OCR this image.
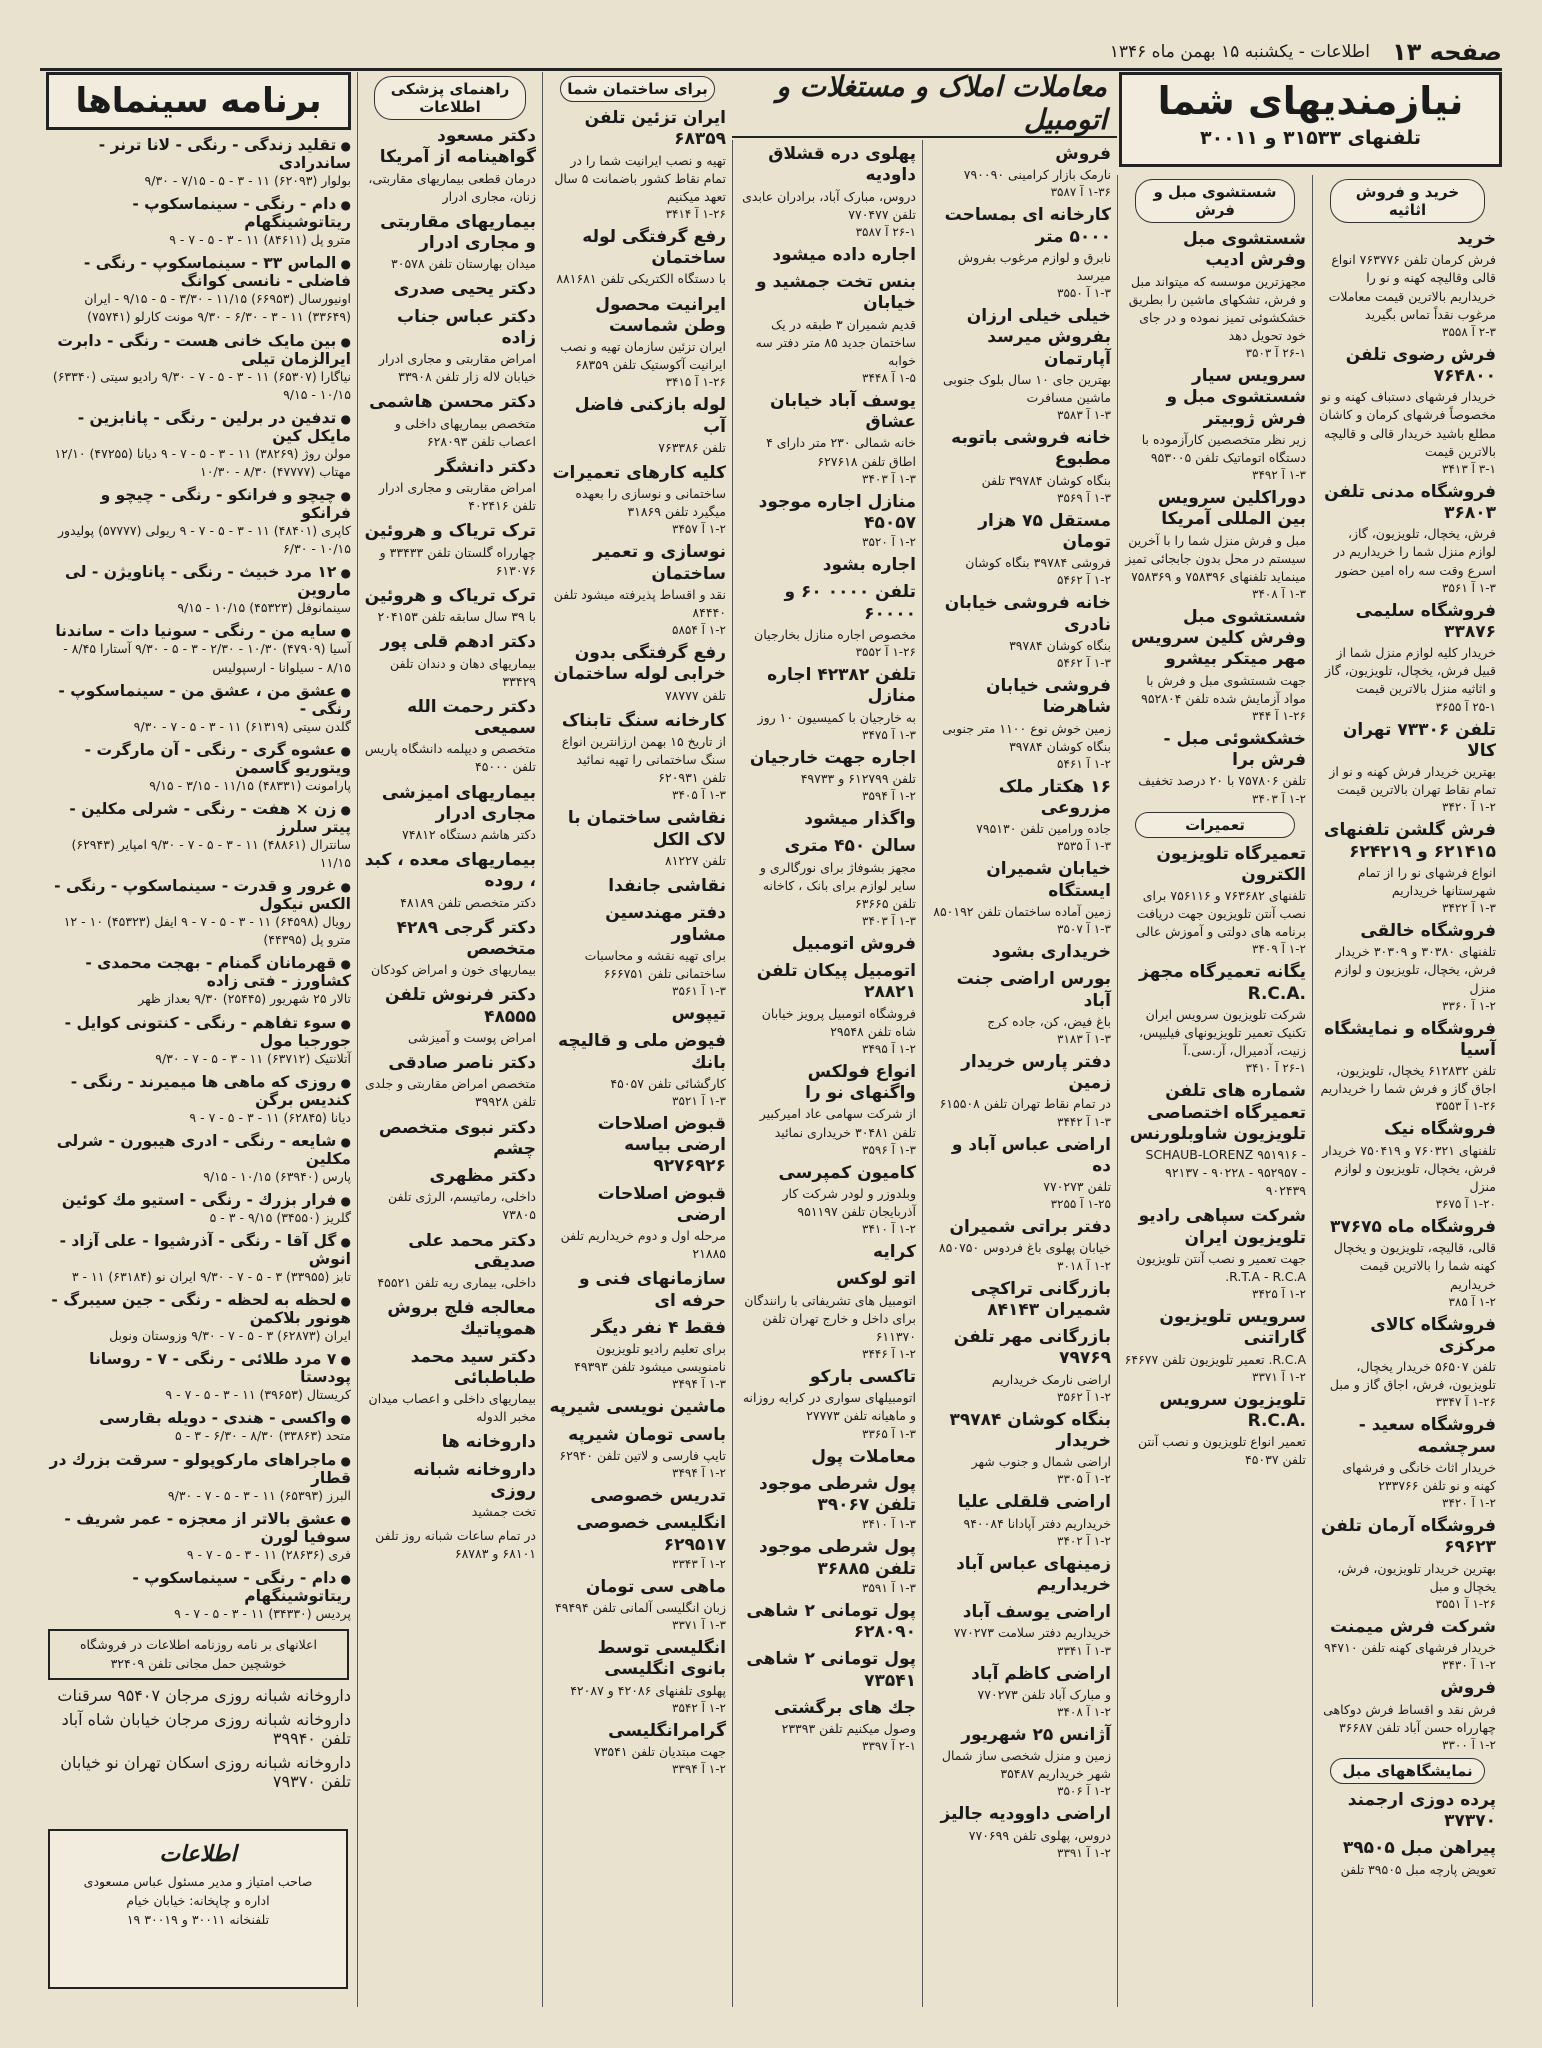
صفحه ۱۳
اطلاعات - یکشنبه ۱۵ بهمن ماه ۱۳۴۶
نیازمندیهای شما
تلفنهای ۳۱۵۳۳ و ۳۰۰۱۱
خرید و فروش اثاثیه
خرید

فرش کرمان تلفن ۷۶۳۷۷۶ انواع قالی وقالیچه کهنه و نو را خریداریم بالاترین قیمت معاملات مرغوب نقداً تماس بگیرید

۲-۳ آ ۳۵۵۸
فرش رضوی تلفن ۷۶۴۸۰۰

خریدار فرشهای دستباف کهنه و نو مخصوصاً فرشهای کرمان و کاشان مطلع باشید خریدار قالی و قالیچه بالاترین قیمت

۳-۱ آ ۳۴۱۳
فروشگاه مدنی تلفن ۳۶۸۰۳

فرش، یخچال، تلویزیون، گاز، لوازم منزل شما را خریداریم در اسرع وقت سه راه امین حضور

۱-۳ آ ۳۵۶۱
فروشگاه سلیمی ۳۳۸۷۶

خریدار کلیه لوازم منزل شما از قبیل فرش، یخچال، تلویزیون، گاز و اثاثیه منزل بالاترین قیمت

۲۵-۱ آ ۳۶۵۵
تلفن ۷۳۳۰۶ تهران کالا

بهترین خریدار فرش کهنه و نو از تمام نقاط تهران بالاترین قیمت

۱-۲ آ ۳۴۲۰
فرش گلشن تلفنهای ۶۲۱۴۱۵ و ۶۲۴۲۱۹

انواع فرشهای نو را از تمام شهرستانها خریداریم

۱-۳ آ ۳۴۲۲
فروشگاه خالقی

تلفنهای ۳۰۳۸۰ و ۳۰۳۰۹ خریدار فرش، یخچال، تلویزیون و لوازم منزل

۱-۲ آ ۳۳۶۰
فروشگاه و نمایشگاه آسیا

تلفن ۶۱۲۸۳۲ یخچال، تلویزیون، اجاق گاز و فرش شما را خریداریم

۱-۲۶ آ ۳۵۵۳
فروشگاه نیک

تلفنهای ۷۶۰۳۲۱ و ۷۵۰۴۱۹ خریدار فرش، یخچال، تلویزیون و لوازم منزل

۱-۲۰ آ ۳۶۷۵
فروشگاه ماه ۳۷۶۷۵

قالی، قالیچه، تلویزیون و یخچال کهنه شما را بالاترین قیمت خریداریم

۱-۲ آ ۳۸۵
فروشگاه کالای مرکزی

تلفن ۵۶۵۰۷ خریدار یخچال، تلویزیون، فرش، اجاق گاز و مبل

۱-۲۶ آ ۳۳۴۷
فروشگاه سعید - سرچشمه

خریدار اثاث خانگی و فرشهای کهنه و نو تلفن ۲۳۳۷۶۶

۱-۲ آ ۳۴۲۰
فروشگاه آرمان تلفن ۶۹۶۲۳

بهترین خریدار تلویزیون، فرش، یخچال و مبل

۱-۲۶ آ ۳۵۵۱
شرکت فرش میمنت

خریدار فرشهای کهنه تلفن ۹۴۷۱۰

۱-۲ آ ۳۴۳۰
فروش

فرش نقد و اقساط فرش دوکاهی چهارراه حسن آباد تلفن ۳۶۶۸۷

۱-۲ آ ۳۳۰۰
نمایشگاههای مبل
پرده دوزی ارجمند ۳۷۳۷۰
پیراهن مبل ۳۹۵۰۵

تعویض پارچه مبل ۳۹۵۰۵ تلفن

شستشوی مبل و فرش
شستشوی مبل وفرش ادیب

مجهزترین موسسه که میتواند مبل و فرش، تشکهای ماشین را بطریق خشکشوئی تمیز نموده و در جای خود تحویل دهد

۲۶-۱ آ ۳۵۰۳
سرویس سیار شستشوی مبل و فرش ژوبیتر

زیر نظر متخصصین کارآزموده با دستگاه اتوماتیک تلفن ۹۵۳۰۰۵

۱-۳ آ ۳۴۹۲
دوراکلین سرویس بین المللی آمریکا

مبل و فرش منزل شما را با آخرین سیستم در محل بدون جابجائی تمیز مینماید تلفنهای ۷۵۸۳۹۶ و ۷۵۸۳۶۹

۱-۳ آ ۳۴۰۸
شستشوی مبل وفرش کلین سرویس مهر میتکر بیشرو

جهت شستشوی مبل و فرش با مواد آزمایش شده تلفن ۹۵۲۸۰۴

۱-۲۶ آ ۳۴۴
خشکشوئی مبل - فرش برا

تلفن ۷۵۷۸۰۶ با ۲۰ درصد تخفیف

۱-۲ آ ۳۴۰۳
تعمیرات
تعمیرگاه تلویزیون الکترون

تلفنهای ۷۶۳۶۸۲ و ۷۵۶۱۱۶ برای نصب آنتن تلویزیون جهت دریافت برنامه های دولتی و آموزش عالی

۱-۲ آ ۳۴۰۹
یگانه تعمیرگاه مجهز .R.C.A

شرکت تلویزیون سرویس ایران تکنیک تعمیر تلویزیونهای فیلیپس، زنیت، آدمیرال، آر.سی.آ

۲۶-۱ آ ۳۴۱۰
شماره های تلفن تعمیرگاه اختصاصی تلویزیون شاوبلورنس

SCHAUB-LORENZ ۹۵۱۹۱۶ - ۹۲۱۳۷ - ۹۰۲۲۸ - ۹۵۲۹۵۷ - ۹۰۲۴۳۹

شرکت سپاهی رادیو تلویزیون ایران

جهت تعمیر و نصب آنتن تلویزیون R.T.A - R.C.A.

۱-۲ آ ۳۴۲۵
سرویس تلویزیون گاراتنی

R.C.A. تعمیر تلویزیون تلفن ۶۴۶۷۷

۱-۲ آ ۳۳۷۱
تلویزیون سرویس .R.C.A

تعمیر انواع تلویزیون و نصب آنتن تلفن ۴۵۰۳۷

معاملات املاک و مستغلات و اتومبیل
فروش

نارمک بازار کرامینی ۷۹۰۰۹۰

۱-۳۶ آ ۳۵۸۷
کارخانه ای بمساحت ۵۰۰۰ متر

نابرق و لوازم مرغوب بفروش میرسد

۱-۳ آ ۳۵۵۰
خیلی خیلی ارزان بفروش میرسد آپارتمان

بهترین جای ۱۰ سال بلوک جنوبی ماشین مسافرت

۱-۳ آ ۳۵۸۳
خانه فروشی باتوبه مطبوع

بنگاه کوشان ۳۹۷۸۴ تلفن

۱-۳ آ ۳۵۶۹
مستقل ۷۵ هزار تومان

فروشی ۳۹۷۸۴ بنگاه کوشان

۱-۲ آ ۵۴۶۲
خانه فروشی خیابان نادری

بنگاه کوشان ۳۹۷۸۴

۱-۳ آ ۵۴۶۲
فروشی خیابان شاهرضا

زمین خوش نوع ۱۱۰۰ متر جنوبی بنگاه کوشان ۳۹۷۸۴

۱-۲ آ ۵۴۶۱
۱۶ هکتار ملک مزروعی

جاده ورامین تلفن ۷۹۵۱۳۰

۱-۳ آ ۳۵۳۵
خیابان شمیران ایستگاه

زمین آماده ساختمان تلفن ۸۵۰۱۹۲

۱-۳ آ ۳۵۰۷
خریداری بشود
بورس اراضی جنت آباد

باغ فیض، کن، جاده کرج

۱-۳ آ ۳۱۸۳
دفتر پارس خریدار زمین

در تمام نقاط تهران تلفن ۶۱۵۵۰۸

۱-۳ آ ۳۴۴۲
اراضی عباس آباد و ده

تلفن ۷۷۰۲۷۳

۱-۲۵ آ ۳۲۵۵
دفتر براتی شمیران

خیابان پهلوی باغ فردوس ۸۵۰۷۵۰

۱-۲ آ ۳۰۱۸
بازرگانی تراکچی شمیران ۸۴۱۴۳
بازرگانی مهر تلفن ۷۹۷۶۹

اراضی نارمک خریداریم

۱-۲ آ ۳۵۶۲
بنگاه کوشان ۳۹۷۸۴ خریدار

اراضی شمال و جنوب شهر

۱-۲ آ ۳۳۰۵
اراضی قلقلی علیا

خریداریم دفتر آپادانا ۹۴۰۰۸۴

۱-۲ آ ۳۴۰۲
زمینهای عباس آباد خریداریم
اراضی یوسف آباد

خریداریم دفتر سلامت ۷۷۰۲۷۳

۱-۳ آ ۳۳۴۱
اراضی کاظم آباد

و مبارک آباد تلفن ۷۷۰۲۷۳

۱-۲ آ ۳۴۰۸
آژانس ۲۵ شهریور

زمین و منزل شخصی ساز شمال شهر خریداریم ۳۵۴۸۷

۱-۲ آ ۳۵۰۶
اراضی داوودیه جالیز

دروس، پهلوی تلفن ۷۷۰۶۹۹

۱-۲ آ ۳۳۹۱
پهلوی دره قشلاق داودیه

دروس، مبارک آباد، برادران عابدی تلفن ۷۷۰۴۷۷

۲۶-۱ آ ۳۵۸۷
اجاره داده میشود
بنس تخت جمشید و خیابان

قدیم شمیران ۳ طبقه در یک ساختمان جدید ۸۵ متر دفتر سه خوابه

۱-۵ آ ۳۴۴۸
یوسف آباد خیابان عشاق

خانه شمالی ۲۳۰ متر دارای ۴ اطاق تلفن ۶۲۷۶۱۸

۱-۳ آ ۳۴۰۳
منازل اجاره موجود ۴۵۰۵۷
۱-۲ آ ۳۵۲۰
اجاره بشود
تلفن ۰۰۰۰ ۶۰ و ۶۰۰۰۰

مخصوص اجاره منازل بخارجیان

۱-۲۶ آ ۳۵۵۲
تلفن ۴۲۳۸۲ اجاره منازل

به خارجیان با کمیسیون ۱۰ روز

۱-۳ آ ۳۴۷۵
اجاره جهت خارجیان

تلفن ۶۱۲۷۹۹ و ۴۹۷۳۳

۱-۲ آ ۳۵۹۴
واگذار میشود
سالن ۴۵۰ متری

مجهز بشوفاژ برای نورگالری و سایر لوازم برای بانک ، کاخانه تلفن ۶۳۶۶۵

۱-۳ آ ۳۴۰۳
فروش اتومبیل
اتومبیل پیکان تلفن ۲۸۸۲۱

فروشگاه اتومبیل پرویز خیابان شاه تلفن ۲۹۵۴۸

۱-۲ آ ۳۴۹۵
انواع فولکس واگنهای نو را

از شرکت سهامی عاد امیرکبیر تلفن ۳۰۴۸۱ خریداری نمائید

۱-۳ آ ۳۵۹۶
کامیون کمپرسی

وبلدوزر و لودر شرکت کار آذربایجان تلفن ۹۵۱۱۹۷

۱-۲ آ ۳۴۱۰
کرایه
اتو لوکس

اتومبیل های تشریفاتی با رانندگان برای داخل و خارج تهران تلفن ۶۱۱۳۷۰

۱-۲ آ ۳۴۴۶
تاکسی بارکو

اتومبیلهای سواری در کرایه روزانه و ماهیانه تلفن ۲۷۷۷۳

۱-۳ آ ۳۳۶۵
معاملات پول
پول شرطی موجود تلفن ۳۹۰۶۷
۱-۳ آ ۳۴۱۰
پول شرطی موجود تلفن ۳۶۸۸۵
۱-۳ آ ۳۵۹۱
پول تومانی ۲ شاهی ۶۲۸۰۹۰
پول تومانی ۲ شاهی ۷۳۵۴۱
جك های برگشتی

وصول میکنیم تلفن ۲۳۳۹۳

۲-۱ آ ۳۳۹۷
برای ساختمان شما
ایران تزئین تلفن ۶۸۳۵۹

تهیه و نصب ایرانیت شما را در تمام نقاط کشور باضمانت ۵ سال تعهد میکنیم

۱-۲۶ آ ۳۴۱۴
رفع گرفتگی لوله ساختمان

با دستگاه الکتریکی تلفن ۸۸۱۶۸۱

ایرانیت محصول وطن شماست

ایران تزئین سازمان تهیه و نصب ایرانیت آکوستیک تلفن ۶۸۳۵۹

۱-۲۶ آ ۳۴۱۵
لوله بازکنی فاضل آب

تلفن ۷۶۳۳۸۶

کلیه کارهای تعمیرات

ساختمانی و نوسازی را بعهده میگیرد تلفن ۳۱۸۶۹

۱-۲ آ ۳۴۵۷
نوسازی و تعمیر ساختمان

نقد و اقساط پذیرفته میشود تلفن ۸۴۴۴۰

۱-۲ آ ۵۸۵۴
رفع گرفتگی بدون خرابی لوله ساختمان

تلفن ۷۸۷۷۷

کارخانه سنگ تابناک

از تاریخ ۱۵ بهمن ارزانترین انواع سنگ ساختمانی را تهیه نمائید تلفن ۶۲۰۹۳۱

۱-۳ آ ۳۴۰۵
نقاشی ساختمان با لاک الکل

تلفن ۸۱۲۲۷

نقاشی جانفدا
دفتر مهندسین مشاور

برای تهیه نقشه و محاسبات ساختمانی تلفن ۶۶۶۷۵۱

۱-۳ آ ۳۵۶۱
تیپوس
فیوض ملی و قالیچه بانك

کارگشائی تلفن ۴۵۰۵۷

۱-۳ آ ۳۵۲۱
قبوض اصلاحات ارضی بیاسه ۹۲۷۶۹۲۶
قبوض اصلاحات ارضی

مرحله اول و دوم خریداریم تلفن ۲۱۸۸۵

سازمانهای فنی و حرفه ای
فقط ۴ نفر دیگر

برای تعلیم رادیو تلویزیون نامنویسی میشود تلفن ۴۹۳۹۳

۱-۳ آ ۳۴۹۴
ماشین نویسی شیرپه
باسی تومان شیرپه

تایپ فارسی و لاتین تلفن ۶۲۹۴۰

۱-۲ آ ۳۴۹۴
تدریس خصوصی
انگلیسی خصوصی ۶۲۹۵۱۷
۱-۲ آ ۳۳۴۳
ماهی سی تومان

زبان انگلیسی آلمانی تلفن ۴۹۴۹۴

۱-۳ آ ۳۳۷۱
انگلیسی توسط بانوی انگلیسی

پهلوی تلفنهای ۴۲۰۸۶ و ۴۲۰۸۷

۱-۲ آ ۳۵۴۲
گرامرانگلیسی

جهت مبتدیان تلفن ۷۳۵۴۱

۱-۲ آ ۳۳۹۴
راهنمای پزشکی اطلاعات
دکتر مسعود گواهینامه از آمریکا

درمان قطعی بیماریهای مقاربتی، زنان، مجاری ادرار

بیماریهای مقاربتی و مجاری ادرار

میدان بهارستان تلفن ۳۰۵۷۸

دکتر یحیی صدری
دکتر عباس جناب زاده

امراض مقاربتی و مجاری ادرار خیابان لاله زار تلفن ۳۳۹۰۸

دکتر محسن هاشمی

متخصص بیماریهای داخلی و اعصاب تلفن ۶۲۸۰۹۳

دکتر دانشگر

امراض مقاربتی و مجاری ادرار تلفن ۴۰۲۴۱۶

ترک تریاک و هروئین

چهارراه گلستان تلفن ۳۳۴۳۳ و ۶۱۳۰۷۶

ترک تریاک و هروئین

با ۳۹ سال سابقه تلفن ۲۰۴۱۵۳

دکتر ادهم قلی پور

بیماریهای دهان و دندان تلفن ۳۳۴۲۹

دکتر رحمت الله سمیعی

متخصص و دیپلمه دانشگاه پاریس تلفن ۴۵۰۰۰

بیماریهای امیزشی مجاری ادرار

دکتر هاشم دستگاه ۷۴۸۱۲

بیماریهای معده ، کبد ، روده

دکتر متخصص تلفن ۴۸۱۸۹

دکتر گرجی ۴۲۸۹ متخصص

بیماریهای خون و امراض کودکان

دکتر فرنوش تلفن ۴۸۵۵۵

امراض پوست و آمیزشی

دکتر ناصر صادقی

متخصص امراض مقاربتی و جلدی تلفن ۳۹۹۲۸

دکتر نبوی متخصص چشم
دکتر مظهری

داخلی، رماتیسم، الرژی تلفن ۷۳۸۰۵

دکتر محمد علی صدیقی

داخلی، بیماری ریه تلفن ۴۵۵۲۱

معالجه فلج بروش هموپاتیك
دکتر سید محمد طباطبائی

بیماریهای داخلی و اعصاب میدان مخبر الدوله

داروخانه ها
داروخانه شبانه روزی

تخت جمشید

در تمام ساعات شبانه روز تلفن ۶۸۱۰۱ و ۶۸۷۸۳

برنامه سینماها
● تقلید زندگی - رنگی - لانا ترنر - ساندرادی
بولوار (۶۲۰۹۳) ۱۱ - ۳ - ۵ - ۷/۱۵ - ۹/۳۰
● دام - رنگی - سینماسکوپ - ریتاتوشینگهام
مترو پل (۸۴۶۱۱) ۱۱ - ۳ - ۵ - ۷ - ۹
● الماس ۳۳ - سینماسکوپ - رنگی - فاضلی - نانسی کوانگ
اونیورسال (۶۶۹۵۳) ۱۱/۱۵ - ۳/۳۰ - ۵ - ۹/۱۵ - ایران (۳۳۶۴۹) ۱۱ - ۳ - ۶/۳۰ - ۹/۳۰ مونت کارلو (۷۵۷۴۱)
● بین مایک خانی هست - رنگی - دابرت ایرالزمان تیلی
نیاگارا (۶۵۳۰۷) ۱۱ - ۳ - ۵ - ۷ - ۹/۳۰ رادیو سیتی (۶۳۳۴۰) ۱۰/۱۵ - ۹/۱۵
● تدفین در برلین - رنگی - پانابزین - مایکل کین
مولن روژ (۳۸۲۶۹) ۱۱ - ۳ - ۵ - ۷ - ۹ دیانا (۴۷۲۵۵) ۱۲/۱۰ مهتاب (۴۷۷۷۷) ۸/۳۰ - ۱۰/۳۰
● چیچو و فرانکو - رنگی - چیچو و فرانکو
کاپری (۴۸۴۰۱) ۱۱ - ۳ - ۵ - ۷ - ۹ ریولی (۵۷۷۷۷) پولیدور ۱۰/۱۵ - ۶/۳۰
● ۱۲ مرد خبیث - رنگی - پاناویژن - لی ماروین
سینمانوفل (۴۵۳۲۳) ۱۰/۱۵ - ۹/۱۵
● سایه من - رنگی - سونیا دات - ساندنا
آسیا (۴۷۹۰۹) ۱۰/۳۰ - ۲/۳۰ - ۳ - ۵ - ۹/۳۰ آستارا ۸/۴۵ - ۸/۱۵ - سیلوانا - ارسپولیس
● عشق من ، عشق من - سینماسکوپ - رنگی -
گلدن سیتی (۶۱۳۱۹) ۱۱ - ۳ - ۵ - ۷ - ۹/۳۰
● عشوه گری - رنگی - آن مارگرت - ویتوریو گاسمن
پارامونت (۴۸۳۳۱) ۱۱/۱۵ - ۳/۱۵ - ۹/۱۵
● زن × هفت - رنگی - شرلی مکلین - پیتر سلرز
سانترال (۴۸۸۶۱) ۱۱ - ۳ - ۵ - ۷ - ۹/۳۰ امپایر (۶۲۹۴۳) ۱۱/۱۵
● غرور و قدرت - سینماسکوپ - رنگی - الکس نیکول
رویال (۶۴۵۹۸) ۱۱ - ۳ - ۵ - ۷ - ۹ ایفل (۴۵۳۲۳) ۱۰ - ۱۲ مترو پل (۴۴۳۹۵)
● قهرمانان گمنام - بهجت محمدی - کشاورز - فتی زاده
تالار ۲۵ شهریور (۲۵۴۴۵) ۹/۳۰ بعداز ظهر
● سوء تفاهم - رنگی - کنتونی کوایل - جورجیا مول
آتلانتیک (۶۳۷۱۲) ۱۱ - ۳ - ۵ - ۷ - ۹/۳۰
● روزی که ماهی ها میمیرند - رنگی - کندیس برگن
دیانا (۶۲۸۴۵) ۱۱ - ۳ - ۵ - ۷ - ۹
● شایعه - رنگی - ادری هیبورن - شرلی مکلین
پارس (۶۳۹۴۰) ۱۰/۱۵ - ۹/۱۵
● فرار بزرك - رنگی - استیو مك كوئین
گلریز (۳۴۵۵۰) ۹/۱۵ - ۳ - ۵
● گل آقا - رنگی - آذرشیوا - علی آزاد - انوش
تابز (۳۳۹۵۵) ۳ - ۵ - ۷ - ۹/۳۰ ایران نو (۶۳۱۸۴) ۱۱ - ۳
● لحظه به لحظه - رنگی - جین سیبرگ - هونور بلاکمن
ایران (۶۲۸۷۳) ۳ - ۵ - ۷ - ۹/۳۰ وزوستان ونوبل
● ۷ مرد طلائی - رنگی - ۷ - روسانا پودستا
کریستال (۳۹۶۵۳) ۱۱ - ۳ - ۵ - ۷ - ۹
● واکسی - هندی - دویله بقارسی
متحد (۳۳۸۶۳) ۸/۳۰ - ۶/۳۰ - ۳ - ۵
● ماجراهای مارکوپولو - سرقت بزرك در قطار
البرز (۶۵۳۹۳) ۱۱ - ۳ - ۵ - ۷ - ۹/۳۰
● عشق بالاتر از معجزه - عمر شریف - سوفیا لورن
فری (۲۸۶۳۶) ۱۱ - ۳ - ۵ - ۷ - ۹
● دام - رنگی - سینماسکوپ - ریتاتوشینگهام
پردیس (۳۴۳۳۰) ۱۱ - ۳ - ۵ - ۷ - ۹
اعلانهای بر نامه روزنامه اطلاعات در فروشگاه خوشچین حمل مجانی تلفن ۳۲۴۰۹
داروخانه شبانه روزی مرجان ۹۵۴۰۷ سرقنات
داروخانه شبانه روزی مرجان خیابان شاه آباد تلفن ۳۹۹۴۰
داروخانه شبانه روزی اسکان تهران نو خیابان تلفن ۷۹۳۷۰
اطلاعات
صاحب امتیاز و مدیر مسئول عباس مسعودی
اداره و چاپخانه: خیابان خیام
تلفنخانه ۳۰۰۱۱ و ۳۰۰۱۹ ۱۹
